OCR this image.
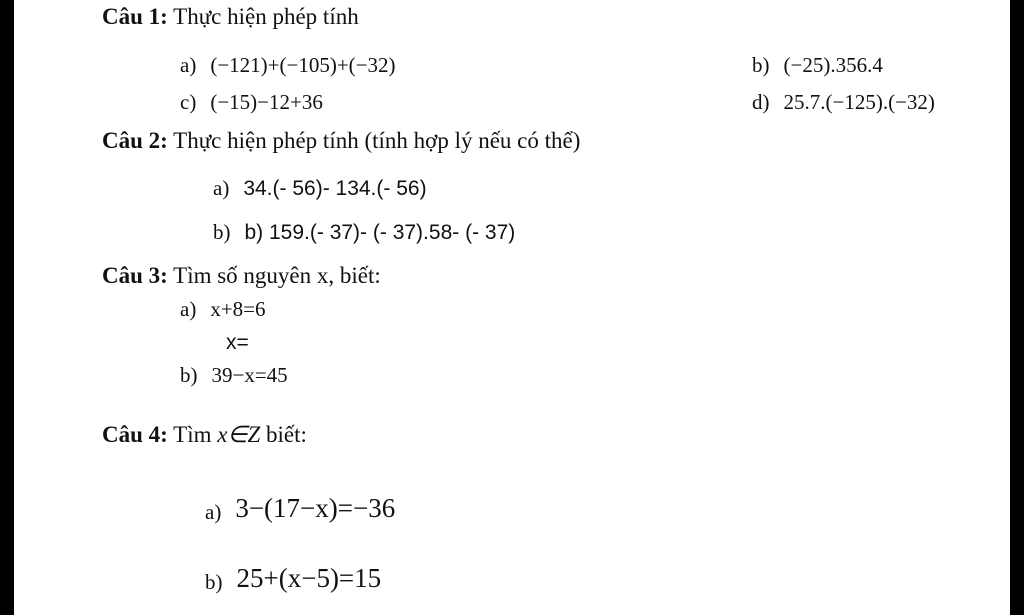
Câu 1: Thực hiện phép tính
a) (−121)+(−105)+(−32)	b) (−25).356.4
c) (−15)−12+36	d) 25.7.(−125).(−32)
Câu 2: Thực hiện phép tính (tính hợp lý nếu có thể)
a) 34.(- 56)- 134.(- 56)
b) b) 159.(- 37)- (- 37).58- (- 37)
Câu 3: Tìm số nguyên x, biết:
a) x+8=6
x=
b) 39−x=45
Câu 4: Tìm x∈Z biết:
a) 3−(17−x)=−36
b) 25+(x−5)=15
